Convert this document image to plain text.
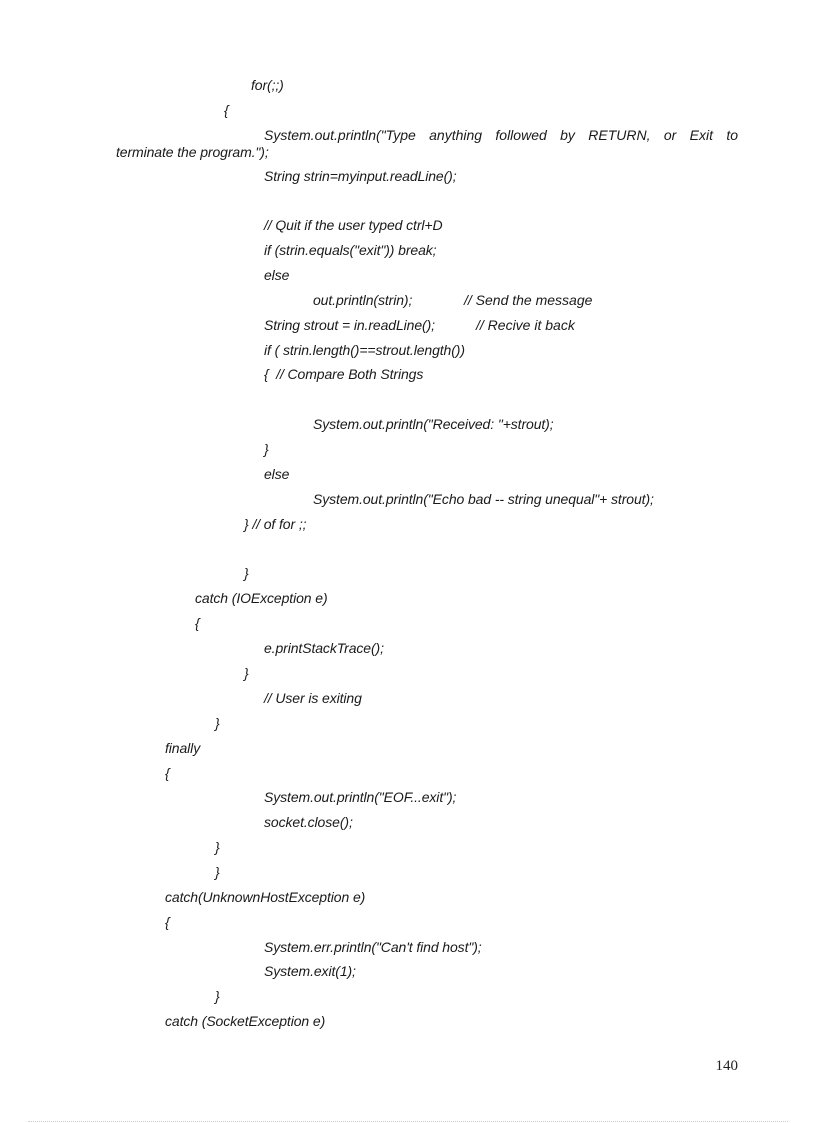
for(;;)
{
System.out.println("Type anything followed by RETURN, or Exit to
terminate the program.");
String strin=myinput.readLine();
// Quit if the user typed ctrl+D
if (strin.equals("exit")) break;
else
out.println(strin);	// Send the message
String strout = in.readLine();	// Recive it back
if ( strin.length()==strout.length())
{  // Compare Both Strings
System.out.println("Received: "+strout);
}
else
System.out.println("Echo bad -- string unequal"+ strout);
} // of for ;;
}
catch (IOException e)
{
e.printStackTrace();
}
// User is exiting
}
finally
{
System.out.println("EOF...exit");
socket.close();
}
}
catch(UnknownHostException e)
{
System.err.println("Can't find host");
System.exit(1);
}
catch (SocketException e)
140
